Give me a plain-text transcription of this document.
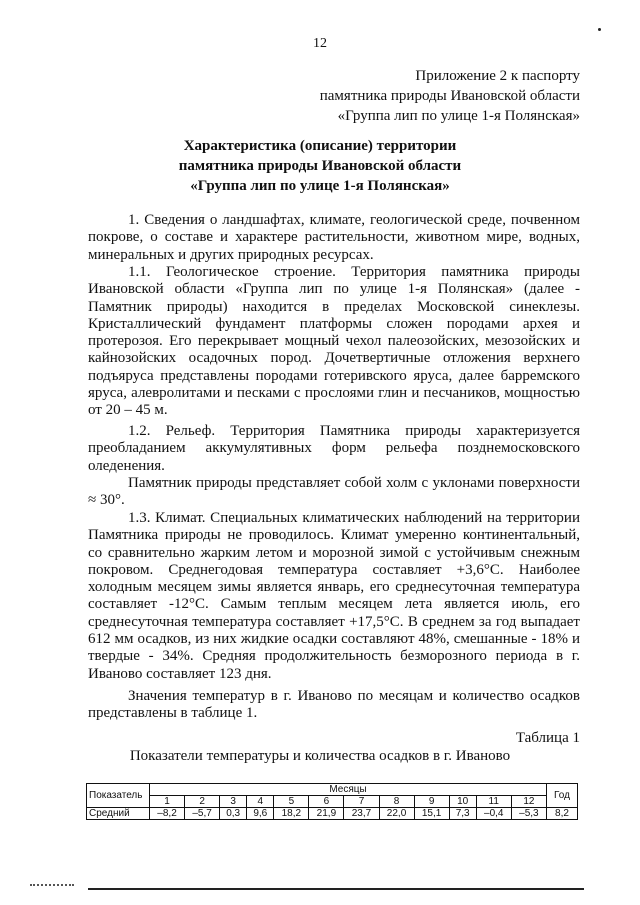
12
Приложение 2 к паспорту
памятника природы Ивановской области
«Группа лип по улице 1-я Полянская»
Характеристика (описание) территории
памятника природы Ивановской области
«Группа лип по улице 1-я Полянская»
1. Сведения о ландшафтах, климате, геологической среде, почвенном покрове, о составе и характере растительности, животном мире, водных, минеральных и других природных ресурсах.
1.1. Геологическое строение. Территория памятника природы Ивановской области «Группа лип по улице 1-я Полянская» (далее - Памятник природы) находится в пределах Московской синеклезы. Кристаллический фундамент платформы сложен породами архея и протерозоя. Его перекрывает мощный чехол палеозойских, мезозойских и кайнозойских осадочных пород. Дочетвертичные отложения верхнего подъяруса представлены породами готеривского яруса, далее барремского яруса, алевролитами и песками с прослоями глин и песчаников, мощностью от 20 – 45 м.
1.2. Рельеф. Территория Памятника природы характеризуется преобладанием аккумулятивных форм рельефа позднемосковского оледенения.
Памятник природы представляет собой холм с уклонами поверхности ≈ 30°.
1.3. Климат. Специальных климатических наблюдений на территории Памятника природы не проводилось. Климат умеренно континентальный, со сравнительно жарким летом и морозной зимой с устойчивым снежным покровом. Среднегодовая температура составляет +3,6°С. Наиболее холодным месяцем зимы является январь, его среднесуточная температура составляет -12°С. Самым теплым месяцем лета является июль, его среднесуточная температура составляет +17,5°С. В среднем за год выпадает 612 мм осадков, из них жидкие осадки составляют 48%, смешанные - 18% и твердые - 34%. Средняя продолжительность безморозного периода в г. Иваново составляет 123 дня.
Значения температур в г. Иваново по месяцам и количество осадков представлены в таблице 1.
Таблица 1
Показатели температуры и количества осадков в г. Иваново
Показатель	Месяцы												Год
	1	2	3	4	5	6	7	8	9	10	11	12	
Средний	–8,2	–5,7	0,3	9,6	18,2	21,9	23,7	22,0	15,1	7,3	–0,4	–5,3	8,2
